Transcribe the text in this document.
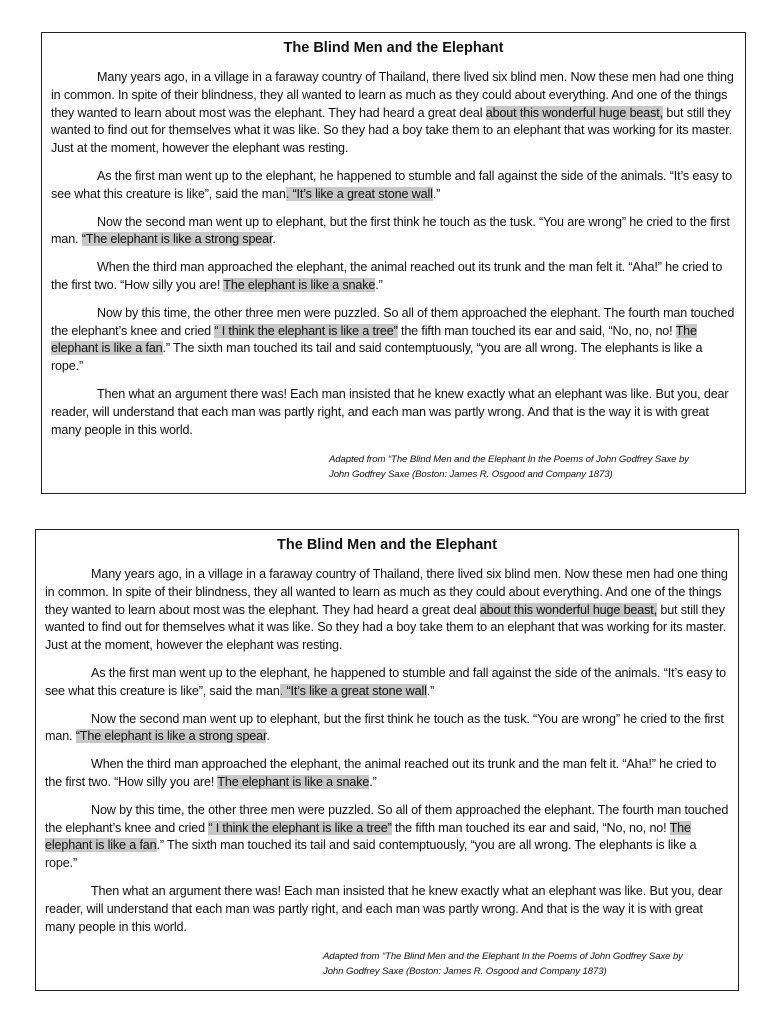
The Blind Men and the Elephant

Many years ago, in a village in a faraway country of Thailand, there lived six blind men. Now these men had one thing in common. In spite of their blindness, they all wanted to learn as much as they could about everything. And one of the things they wanted to learn about most was the elephant. They had heard a great deal about this wonderful huge beast, but still they wanted to find out for themselves what it was like. So they had a boy take them to an elephant that was working for its master. Just at the moment, however the elephant was resting.

As the first man went up to the elephant, he happened to stumble and fall against the side of the animals. “It’s easy to see what this creature is like”, said the man. “It’s like a great stone wall.”

Now the second man went up to elephant, but the first think he touch as the tusk. “You are wrong” he cried to the first man. “The elephant is like a strong spear.

When the third man approached the elephant, the animal reached out its trunk and the man felt it. “Aha!” he cried to the first two. “How silly you are! The elephant is like a snake.”

Now by this time, the other three men were puzzled. So all of them approached the elephant. The fourth man touched the elephant’s knee and cried “ I think the elephant is like a tree” the fifth man touched its ear and said, “No, no, no! The elephant is like a fan.” The sixth man touched its tail and said contemptuously, “you are all wrong. The elephants is like a rope.”

Then what an argument there was! Each man insisted that he knew exactly what an elephant was like. But you, dear reader, will understand that each man was partly right, and each man was partly wrong. And that is the way it is with great many people in this world.

Adapted from “The Blind Men and the Elephant In the Poems of John Godfrey Saxe by
John Godfrey Saxe (Boston: James R. Osgood and Company 1873)
The Blind Men and the Elephant

Many years ago, in a village in a faraway country of Thailand, there lived six blind men. Now these men had one thing in common. In spite of their blindness, they all wanted to learn as much as they could about everything. And one of the things they wanted to learn about most was the elephant. They had heard a great deal about this wonderful huge beast, but still they wanted to find out for themselves what it was like. So they had a boy take them to an elephant that was working for its master. Just at the moment, however the elephant was resting.

As the first man went up to the elephant, he happened to stumble and fall against the side of the animals. “It’s easy to see what this creature is like”, said the man. “It’s like a great stone wall.”

Now the second man went up to elephant, but the first think he touch as the tusk. “You are wrong” he cried to the first man. “The elephant is like a strong spear.

When the third man approached the elephant, the animal reached out its trunk and the man felt it. “Aha!” he cried to the first two. “How silly you are! The elephant is like a snake.”

Now by this time, the other three men were puzzled. So all of them approached the elephant. The fourth man touched the elephant’s knee and cried “ I think the elephant is like a tree” the fifth man touched its ear and said, “No, no, no! The elephant is like a fan.” The sixth man touched its tail and said contemptuously, “you are all wrong. The elephants is like a rope.”

Then what an argument there was! Each man insisted that he knew exactly what an elephant was like. But you, dear reader, will understand that each man was partly right, and each man was partly wrong. And that is the way it is with great many people in this world.

Adapted from “The Blind Men and the Elephant In the Poems of John Godfrey Saxe by
John Godfrey Saxe (Boston: James R. Osgood and Company 1873)
